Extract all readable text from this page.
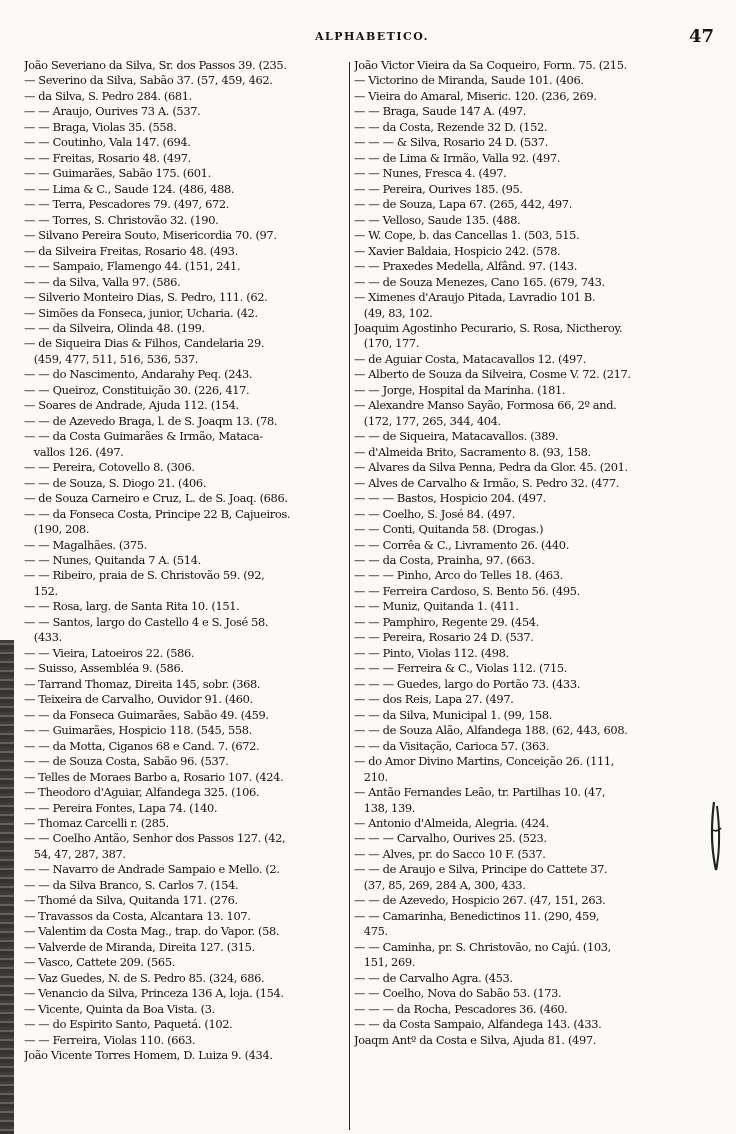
ALPHABETICO.	47
João Severiano da Silva, Sr. dos Passos 39. (235.
— Severino da Silva, Sabão 37. (57, 459, 462.
— da Silva, S. Pedro 284. (681.
— — Araujo, Ourives 73 A. (537.
— — Braga, Violas 35. (558.
— — Coutinho, Vala 147. (694.
— — Freitas, Rosario 48. (497.
— — Guimarães, Sabão 175. (601.
— — Lima & C., Saude 124. (486, 488.
— — Terra, Pescadores 79. (497, 672.
— — Torres, S. Christovão 32. (190.
— Silvano Pereira Souto, Misericordia 70. (97.
— da Silveira Freitas, Rosario 48. (493.
— — Sampaio, Flamengo 44. (151, 241.
— — da Silva, Valla 97. (586.
— Silverio Monteiro Dias, S. Pedro, 111. (62.
— Simões da Fonseca, junior, Ucharia. (42.
— — da Silveira, Olinda 48. (199.
— de Siqueira Dias & Filhos, Candelaria 29.
(459, 477, 511, 516, 536, 537.
— — do Nascimento, Andarahy Peq. (243.
— — Queiroz, Constituição 30. (226, 417.
— Soares de Andrade, Ajuda 112. (154.
— — de Azevedo Braga, l. de S. Joaqm 13. (78.
— — da Costa Guimarães & Irmão, Mataca-
vallos 126. (497.
— — Pereira, Cotovello 8. (306.
— — de Souza, S. Diogo 21. (406.
— de Souza Carneiro e Cruz, L. de S. Joaq. (686.
— — da Fonseca Costa, Principe 22 B, Cajueiros.
(190, 208.
— — Magalhães. (375.
— — Nunes, Quitanda 7 A. (514.
— — Ribeiro, praia de S. Christovão 59. (92,
152.
— — Rosa, larg. de Santa Rita 10. (151.
— — Santos, largo do Castello 4 e S. José 58.
(433.
— — Vieira, Latoeiros 22. (586.
— Suisso, Assembléa 9. (586.
— Tarrand Thomaz, Direita 145, sobr. (368.
— Teixeira de Carvalho, Ouvidor 91. (460.
— — da Fonseca Guimarães, Sabão 49. (459.
— — Guimarães, Hospicio 118. (545, 558.
— — da Motta, Ciganos 68 e Cand. 7. (672.
— — de Souza Costa, Sabão 96. (537.
— Telles de Moraes Barbo a, Rosario 107. (424.
— Theodoro d'Aguiar, Alfandega 325. (106.
— — Pereira Fontes, Lapa 74. (140.
— Thomaz Carcelli r. (285.
— — Coelho Antão, Senhor dos Passos 127. (42,
54, 47, 287, 387.
— — Navarro de Andrade Sampaio e Mello. (2.
— — da Silva Branco, S. Carlos 7. (154.
— Thomé da Silva, Quitanda 171. (276.
— Travassos da Costa, Alcantara 13. 107.
— Valentim da Costa Mag., trap. do Vapor. (58.
— Valverde de Miranda, Direita 127. (315.
— Vasco, Cattete 209. (565.
— Vaz Guedes, N. de S. Pedro 85. (324, 686.
— Venancio da Silva, Princeza 136 A, loja. (154.
— Vicente, Quinta da Boa Vista. (3.
— — do Espirito Santo, Paquetá. (102.
— — Ferreira, Violas 110. (663.
João Vicente Torres Homem, D. Luiza 9. (434.
João Victor Vieira da Sa Coqueiro, Form. 75. (215.
— Victorino de Miranda, Saude 101. (406.
— Vieira do Amaral, Miseric. 120. (236, 269.
— — Braga, Saude 147 A. (497.
— — da Costa, Rezende 32 D. (152.
— — — & Silva, Rosario 24 D. (537.
— — de Lima & Irmão, Valla 92. (497.
— — Nunes, Fresca 4. (497.
— — Pereira, Ourives 185. (95.
— — de Souza, Lapa 67. (265, 442, 497.
— — Velloso, Saude 135. (488.
— W. Cope, b. das Cancellas 1. (503, 515.
— Xavier Baldaia, Hospicio 242. (578.
— — Praxedes Medella, Alfând. 97. (143.
— — de Souza Menezes, Cano 165. (679, 743.
— Ximenes d'Araujo Pitada, Lavradio 101 B.
(49, 83, 102.
Joaquim Agostinho Pecurario, S. Rosa, Nictheroy.
(170, 177.
— de Aguiar Costa, Matacavallos 12. (497.
— Alberto de Souza da Silveira, Cosme V. 72. (217.
— — Jorge, Hospital da Marinha. (181.
— Alexandre Manso Sayão, Formosa 66, 2º and.
(172, 177, 265, 344, 404.
— — de Siqueira, Matacavallos. (389.
— d'Almeida Brito, Sacramento 8. (93, 158.
— Alvares da Silva Penna, Pedra da Glor. 45. (201.
— Alves de Carvalho & Irmão, S. Pedro 32. (477.
— — — Bastos, Hospicio 204. (497.
— — Coelho, S. José 84. (497.
— — Conti, Quitanda 58. (Drogas.)
— — Corrêa & C., Livramento 26. (440.
— — da Costa, Prainha, 97. (663.
— — — Pinho, Arco do Telles 18. (463.
— — Ferreira Cardoso, S. Bento 56. (495.
— — Muniz, Quitanda 1. (411.
— — Pamphiro, Regente 29. (454.
— — Pereira, Rosario 24 D. (537.
— — Pinto, Violas 112. (498.
— — — Ferreira & C., Violas 112. (715.
— — — Guedes, largo do Portão 73. (433.
— — dos Reis, Lapa 27. (497.
— — da Silva, Municipal 1. (99, 158.
— — de Souza Alão, Alfandega 188. (62, 443, 608.
— — da Visitação, Carioca 57. (363.
— do Amor Divino Martins, Conceição 26. (111,
210.
— Antão Fernandes Leão, tr. Partilhas 10. (47,
138, 139.
— Antonio d'Almeida, Alegria. (424.
— — — Carvalho, Ourives 25. (523.
— — Alves, pr. do Sacco 10 F. (537.
— — de Araujo e Silva, Principe do Cattete 37.
(37, 85, 269, 284 A, 300, 433.
— — de Azevedo, Hospicio 267. (47, 151, 263.
— — Camarinha, Benedictinos 11. (290, 459,
475.
— — Caminha, pr. S. Christovão, no Cajú. (103,
151, 269.
— — de Carvalho Agra. (453.
— — Coelho, Nova do Sabão 53. (173.
— — — da Rocha, Pescadores 36. (460.
— — da Costa Sampaio, Alfandega 143. (433.
Joaqm Antº da Costa e Silva, Ajuda 81. (497.
